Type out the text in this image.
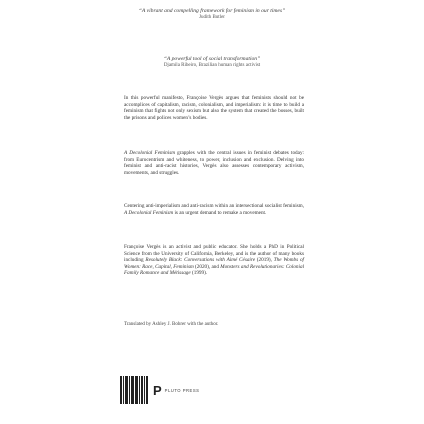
“A vibrant and compelling framework for feminism in our times”
Judith Butler
“A powerful tool of social transformation”
Djamila Ribeiro, Brazilian human rights activist

In this powerful manifesto, Françoise Vergès argues that feminists should not be accomplices of capitalism, racism, colonialism, and imperialism: it is time to build a feminism that fights not only sexism but also the system that created the bosses, built the prisons and polices women’s bodies.

A Decolonial Feminism grapples with the central issues in feminist debates today: from Eurocentrism and whiteness, to power, inclusion and exclusion. Delving into feminist and anti-racist histories, Vergès also assesses contemporary activism, movements, and struggles.

Centering anti-imperialism and anti-racism within an intersectional socialist feminism, A Decolonial Feminism is an urgent demand to remake a movement.

Françoise Vergès is an activist and public educator. She holds a PhD in Political Science from the University of California, Berkeley, and is the author of many books including Resolutely Black: Conversations with Aimé Césaire (2019), The Wombs of Women: Race, Capital, Feminism (2020), and Monsters and Revolutionaries: Colonial Family Romance and Métissage (1999).

Translated by Ashley J. Bohrer with the author.

P PLUTO PRESS
